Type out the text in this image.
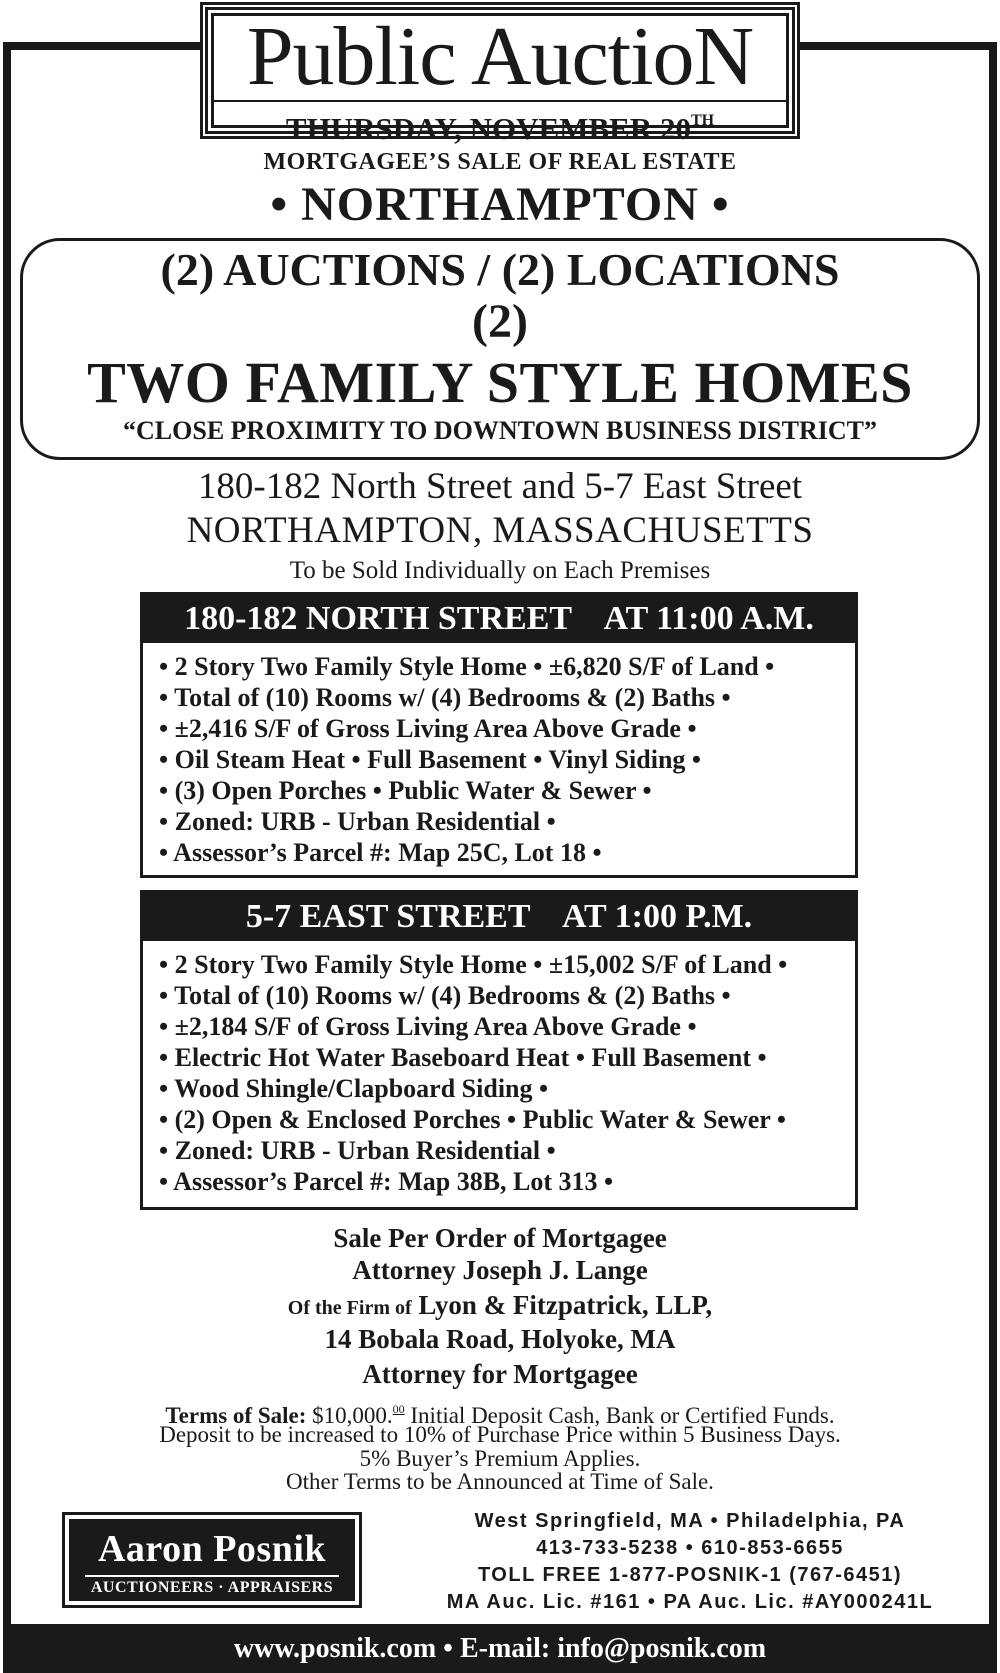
Public AuctioN
THURSDAY, NOVEMBER 20TH
MORTGAGEE’S SALE OF REAL ESTATE
• NORTHAMPTON •
(2) AUCTIONS / (2) LOCATIONS
(2)
TWO FAMILY STYLE HOMES
“CLOSE PROXIMITY TO DOWNTOWN BUSINESS DISTRICT”
180-182 North Street and 5-7 East Street
NORTHAMPTON, MASSACHUSETTS
To be Sold Individually on Each Premises
180-182 NORTH STREET    AT 11:00 A.M.
• 2 Story Two Family Style Home • ±6,820 S/F of Land •
• Total of (10) Rooms w/ (4) Bedrooms & (2) Baths •
• ±2,416 S/F of Gross Living Area Above Grade •
• Oil Steam Heat • Full Basement • Vinyl Siding •
• (3) Open Porches • Public Water & Sewer •
• Zoned: URB - Urban Residential •
• Assessor’s Parcel #: Map 25C, Lot 18 •
5-7 EAST STREET    AT 1:00 P.M.
• 2 Story Two Family Style Home • ±15,002 S/F of Land •
• Total of (10) Rooms w/ (4) Bedrooms & (2) Baths •
• ±2,184 S/F of Gross Living Area Above Grade •
• Electric Hot Water Baseboard Heat • Full Basement •
• Wood Shingle/Clapboard Siding •
• (2) Open & Enclosed Porches • Public Water & Sewer •
• Zoned: URB - Urban Residential •
• Assessor’s Parcel #: Map 38B, Lot 313 •
Sale Per Order of Mortgagee
Attorney Joseph J. Lange
Of the Firm of Lyon & Fitzpatrick, LLP,
14 Bobala Road, Holyoke, MA
Attorney for Mortgagee
Terms of Sale: $10,000.00 Initial Deposit Cash, Bank or Certified Funds.
Deposit to be increased to 10% of Purchase Price within 5 Business Days.
5% Buyer’s Premium Applies.
Other Terms to be Announced at Time of Sale.
Aaron Posnik
AUCTIONEERS · APPRAISERS
West Springfield, MA • Philadelphia, PA
413-733-5238 • 610-853-6655
TOLL FREE 1-877-POSNIK-1 (767-6451)
MA Auc. Lic. #161 • PA Auc. Lic. #AY000241L
www.posnik.com • E-mail: info@posnik.com
